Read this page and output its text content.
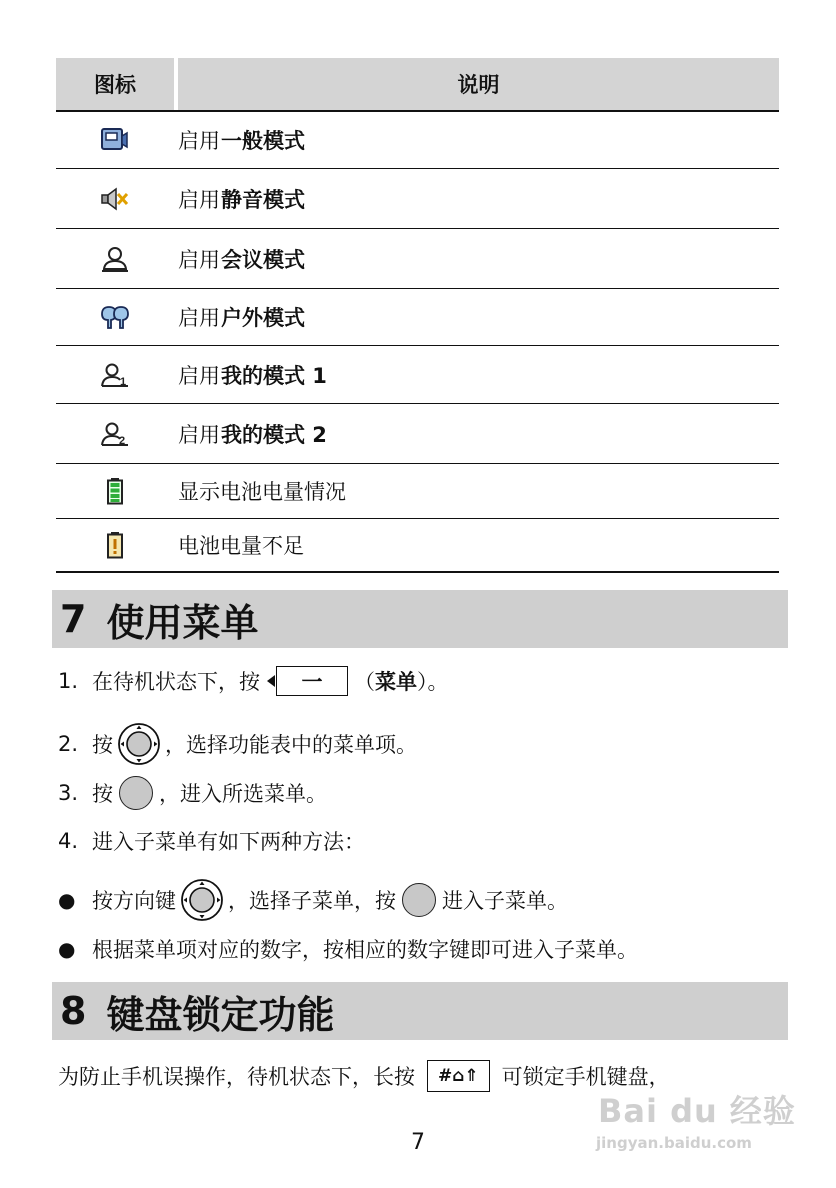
图标	说明
启用 一般模式
启用 静音模式
启用 会议模式
启用 户外模式
1 启用 我的模式 1
2	启用 我的模式 2
显示电池电量情况
电池电量不足
7 使用菜单
1. 在待机状态下，按 一 （ 菜单 ）。
2. 按 ，选择功能表中的菜单项。
3. 按 ，进入所选菜单。
4. 进入子菜单有如下两种方法：
● 按方向键 ，选择子菜单，按 进入子菜单。
● 根据菜单项对应的数字，按相应的数字键即可进入子菜单。
8 键盘锁定功能
为防止手机误操作，待机状态下，长按	#⌂⇑	可锁定手机键盘，
7
Bai du 经验
jingyan.baidu.com
